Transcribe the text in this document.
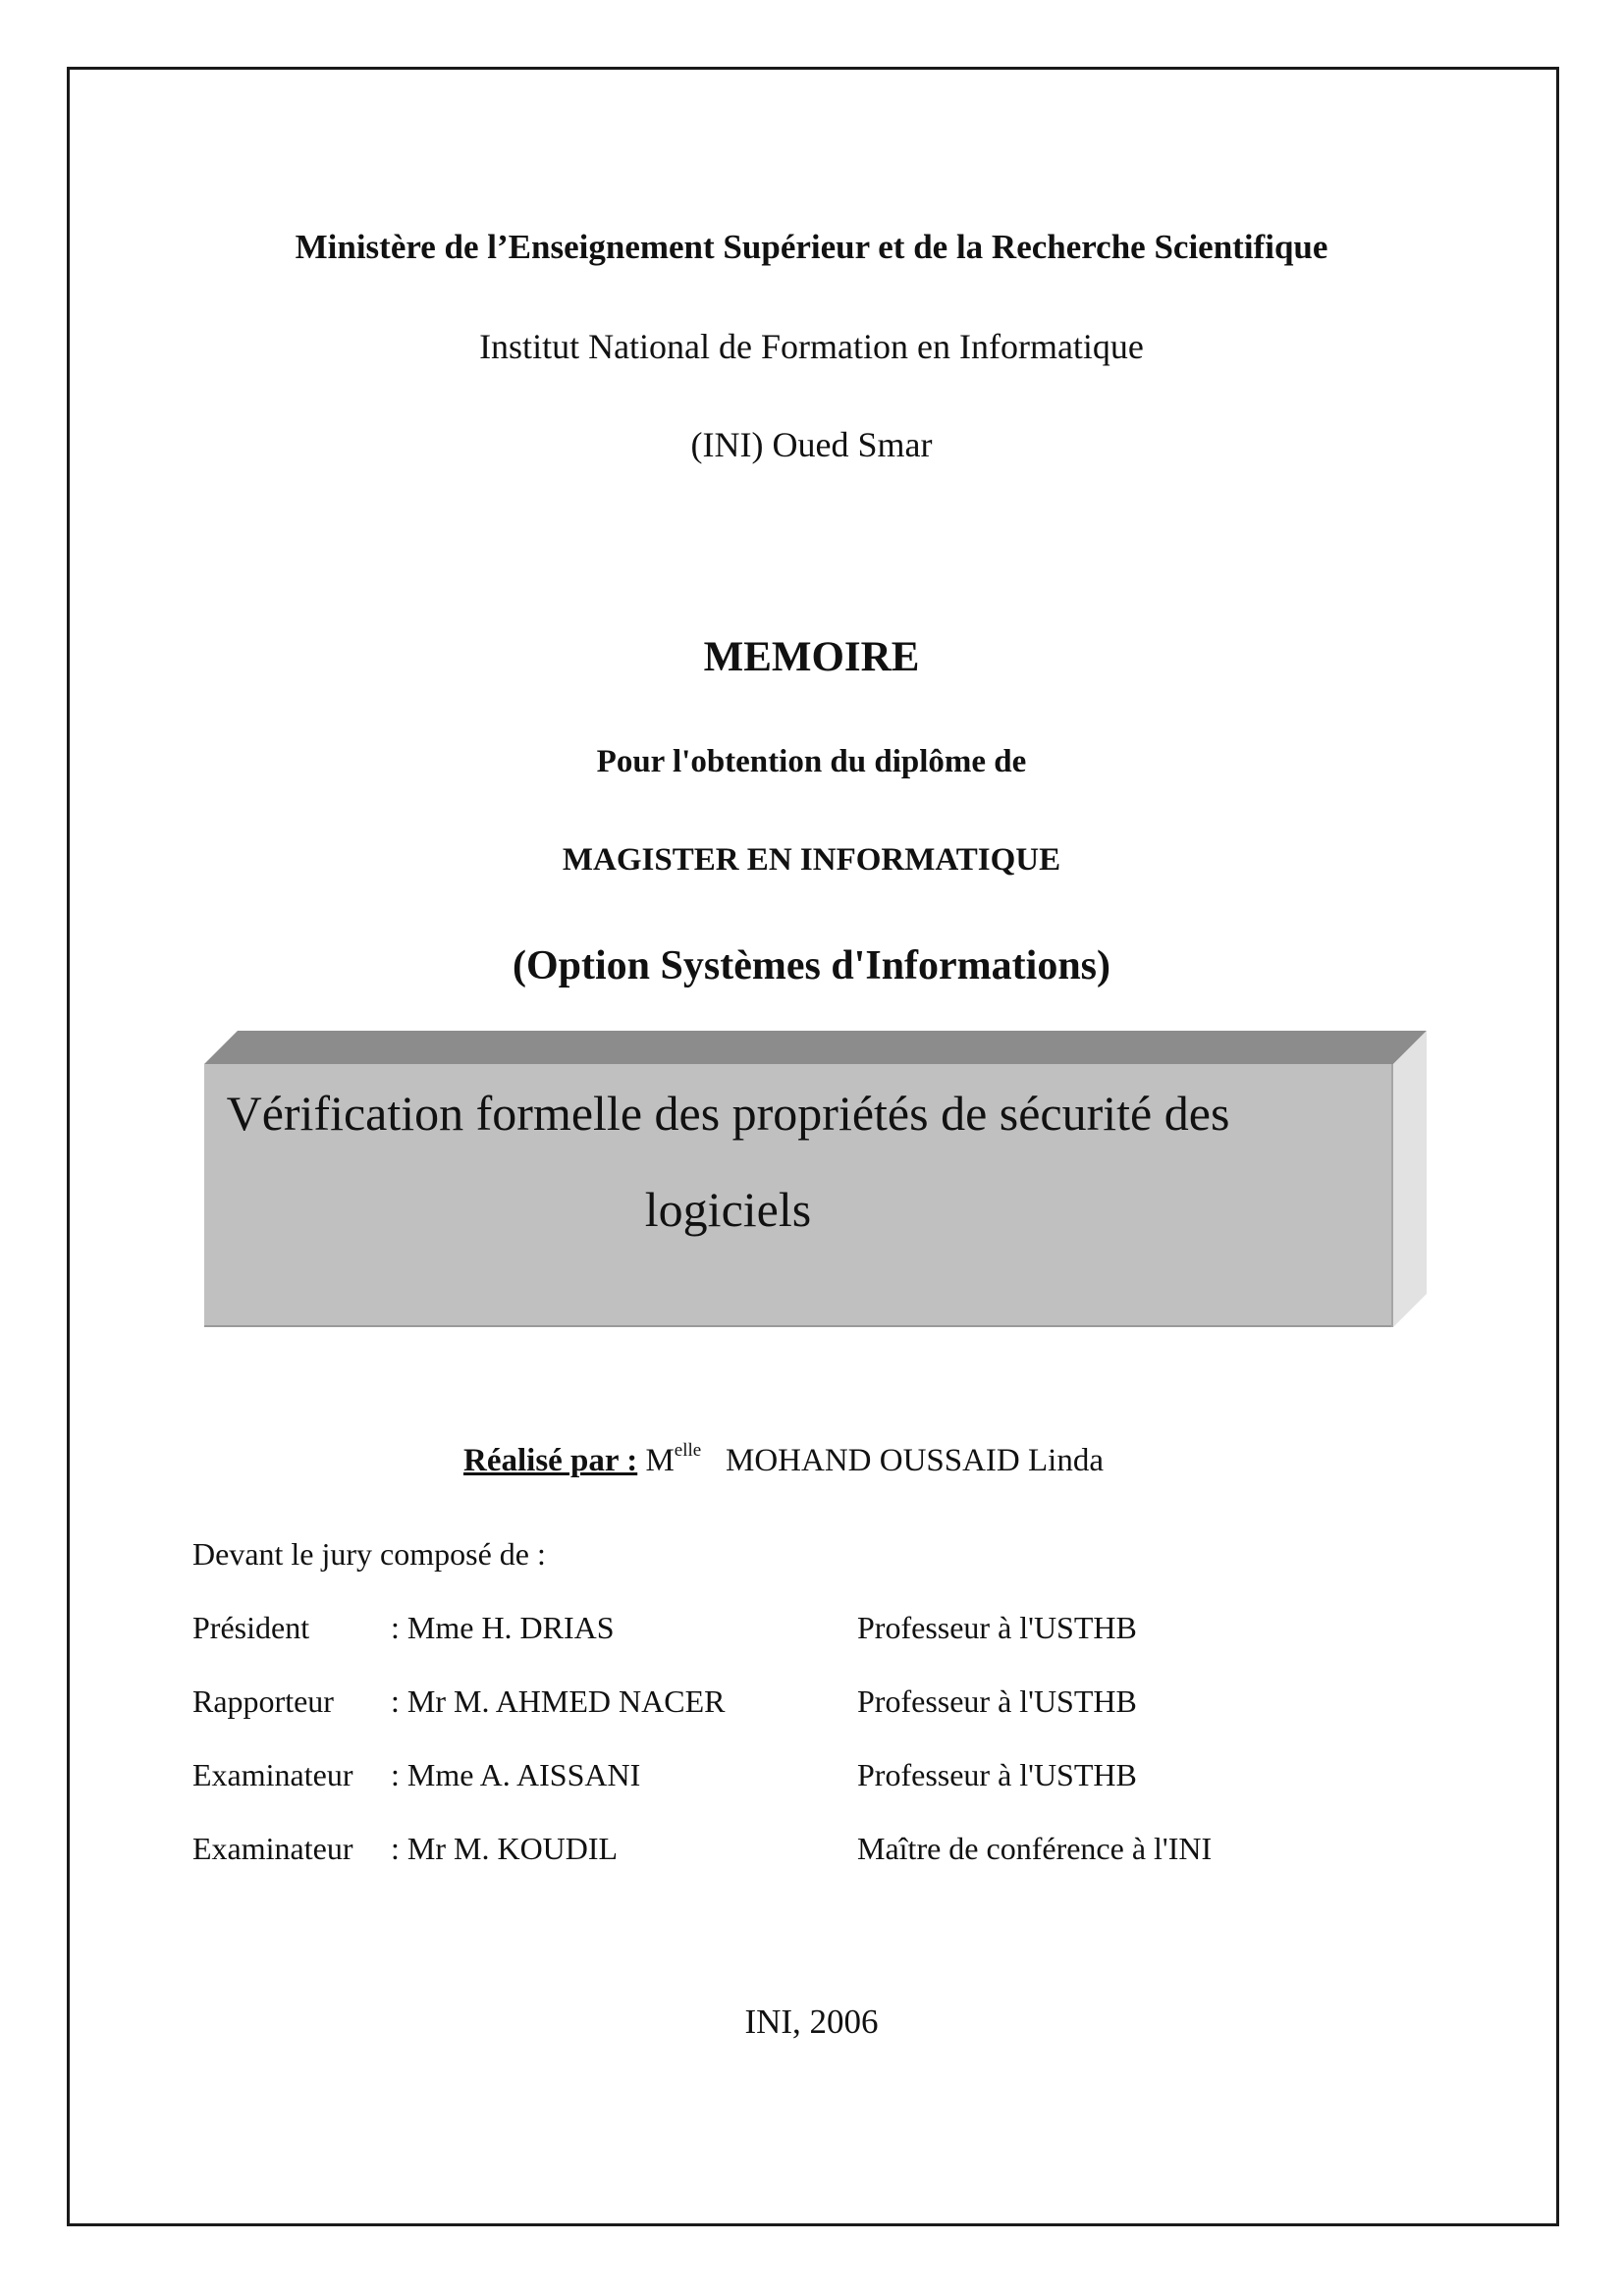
Ministère de l’Enseignement Supérieur et de la Recherche Scientifique
Institut National de Formation en Informatique
(INI) Oued Smar
MEMOIRE
Pour l'obtention du diplôme de
MAGISTER EN INFORMATIQUE
(Option Systèmes d'Informations)
Vérification formelle des propriétés de sécurité des
logiciels
Réalisé par : $M^{elle}$ MOHAND OUSSAID Linda
Devant le jury composé de :
Président	: Mme H. DRIAS	Professeur à l'USTHB
Rapporteur : Mr M. AHMED NACER	Professeur à l'USTHB
Examinateur : Mme A. AISSANI	Professeur à l'USTHB
Examinateur : Mr M. KOUDIL	Maître de conférence à l'INI
INI, 2006
